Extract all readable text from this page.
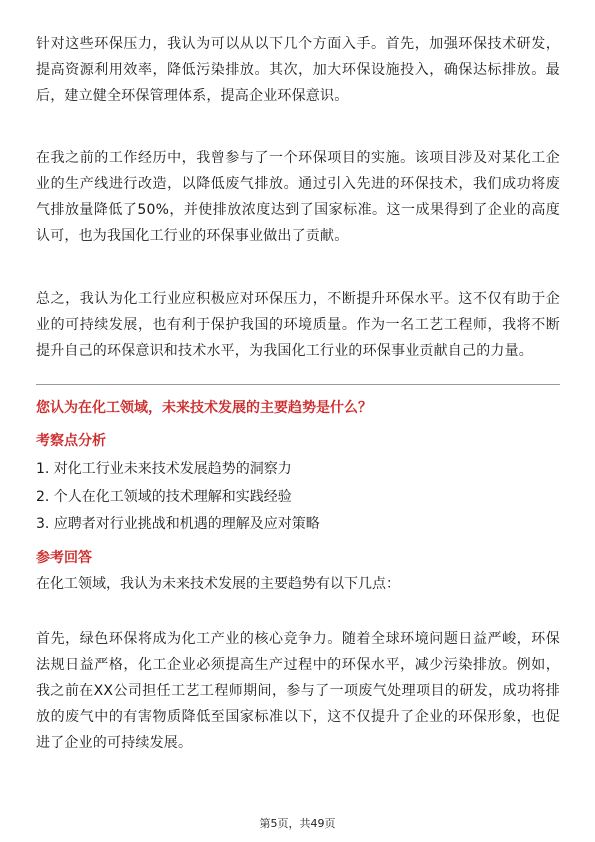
针对这些环保压力，我认为可以从以下几个方面入手。首先，加强环保技术研发，提高资源利用效率，降低污染排放。其次，加大环保设施投入，确保达标排放。最后，建立健全环保管理体系，提高企业环保意识。

在我之前的工作经历中，我曾参与了一个环保项目的实施。该项目涉及对某化工企业的生产线进行改造，以降低废气排放。通过引入先进的环保技术，我们成功将废气排放量降低了50%，并使排放浓度达到了国家标准。这一成果得到了企业的高度认可，也为我国化工行业的环保事业做出了贡献。

总之，我认为化工行业应积极应对环保压力，不断提升环保水平。这不仅有助于企业的可持续发展，也有利于保护我国的环境质量。作为一名工艺工程师，我将不断提升自己的环保意识和技术水平，为我国化工行业的环保事业贡献自己的力量。

您认为在化工领域，未来技术发展的主要趋势是什么？

考察点分析

1. 对化工行业未来技术发展趋势的洞察力

2. 个人在化工领域的技术理解和实践经验

3. 应聘者对行业挑战和机遇的理解及应对策略

参考回答

在化工领域，我认为未来技术发展的主要趋势有以下几点：

首先，绿色环保将成为化工产业的核心竞争力。随着全球环境问题日益严峻，环保法规日益严格，化工企业必须提高生产过程中的环保水平，减少污染排放。例如，我之前在XX公司担任工艺工程师期间，参与了一项废气处理项目的研发，成功将排放的废气中的有害物质降低至国家标准以下，这不仅提升了企业的环保形象，也促进了企业的可持续发展。

第5页，共49页
